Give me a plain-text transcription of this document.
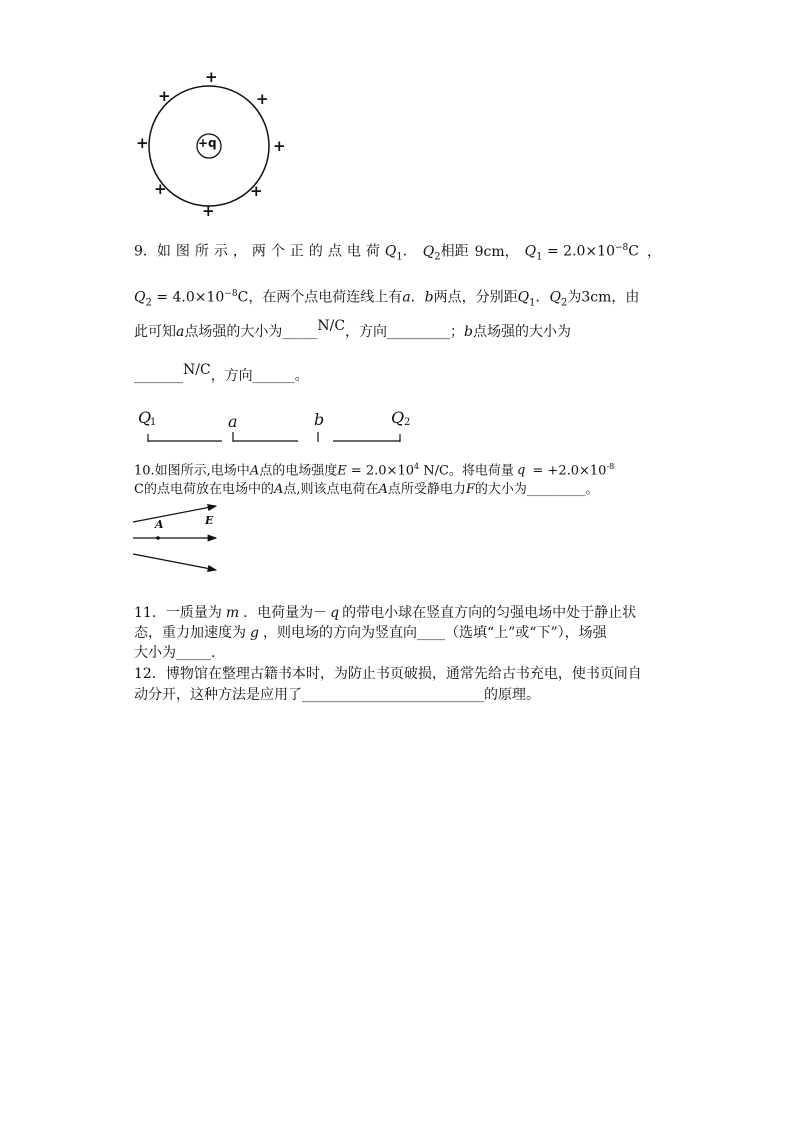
+q
+
+	+
+	+
+	+
+
9．如图所示，两个正的点电荷$Q_1$． $Q_2$相距 9cm， $Q_1 = 2.0\times 10^{-8}C$ ，
$Q_2 = 4.0\times 10^{-8}C$，在两个点电荷连线上有a．b两点，分别距$Q_1$．$Q_2$为3cm，由
此可知a点场强的大小为_____N/C，方向_________；b点场强的大小为
_______N/C，方向______。
Q
1	a	b	Q 2
10.如图所示,电场中A点的电场强度$E = 2.0\times 10^4$ N/C。将电荷量 $q = +2.0\times 10^{-8}$
C的点电荷放在电场中的A点,则该点电荷在A点所受静电力F的大小为_________。
A	E
11．一质量为 m ．电荷量为－ q 的带电小球在竖直方向的匀强电场中处于静止状
态，重力加速度为 g ，则电场的方向为竖直向____（选填“上”或“下”），场强
大小为_____.
12．博物馆在整理古籍书本时，为防止书页破损，通常先给古书充电，使书页间自
动分开，这种方法是应用了__________________________的原理。
